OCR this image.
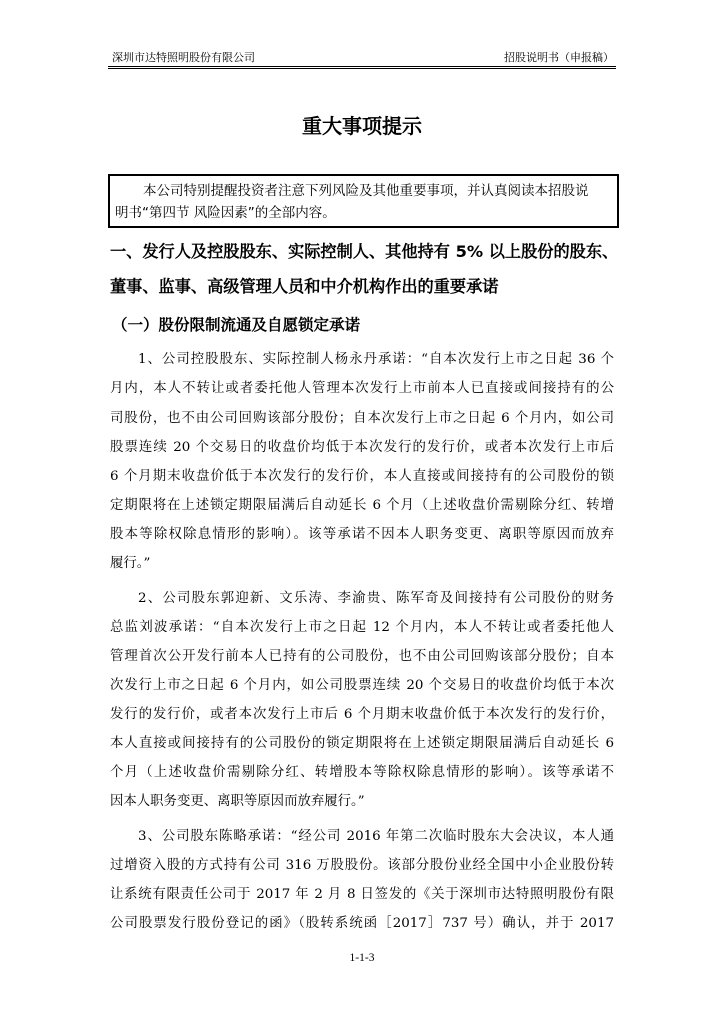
深圳市达特照明股份有限公司	招股说明书（申报稿）
重大事项提示
本公司特别提醒投资者注意下列风险及其他重要事项，并认真阅读本招股说
明书“第四节 风险因素”的全部内容。
一、发行人及控股股东、实际控制人、其他持有 5% 以上股份的股东、
董事、监事、高级管理人员和中介机构作出的重要承诺
（一）股份限制流通及自愿锁定承诺
1、公司控股股东、实际控制人杨永丹承诺：“自本次发行上市之日起 36 个
月内，本人不转让或者委托他人管理本次发行上市前本人已直接或间接持有的公
司股份，也不由公司回购该部分股份；自本次发行上市之日起 6 个月内，如公司
股票连续 20 个交易日的收盘价均低于本次发行的发行价，或者本次发行上市后
6 个月期末收盘价低于本次发行的发行价，本人直接或间接持有的公司股份的锁
定期限将在上述锁定期限届满后自动延长 6 个月（上述收盘价需剔除分红、转增
股本等除权除息情形的影响）。该等承诺不因本人职务变更、离职等原因而放弃
履行。”
2、公司股东郭迎新、文乐涛、李渝贵、陈军奇及间接持有公司股份的财务
总监刘波承诺：“自本次发行上市之日起 12 个月内，本人不转让或者委托他人
管理首次公开发行前本人已持有的公司股份，也不由公司回购该部分股份；自本
次发行上市之日起 6 个月内，如公司股票连续 20 个交易日的收盘价均低于本次
发行的发行价，或者本次发行上市后 6 个月期末收盘价低于本次发行的发行价，
本人直接或间接持有的公司股份的锁定期限将在上述锁定期限届满后自动延长 6
个月（上述收盘价需剔除分红、转增股本等除权除息情形的影响）。该等承诺不
因本人职务变更、离职等原因而放弃履行。”
3、公司股东陈略承诺：“经公司 2016 年第二次临时股东大会决议，本人通
过增资入股的方式持有公司 316 万股股份。该部分股份业经全国中小企业股份转
让系统有限责任公司于 2017 年 2 月 8 日签发的《关于深圳市达特照明股份有限
公司股票发行股份登记的函》（股转系统函［2017］737 号）确认，并于 2017
1-1-3
